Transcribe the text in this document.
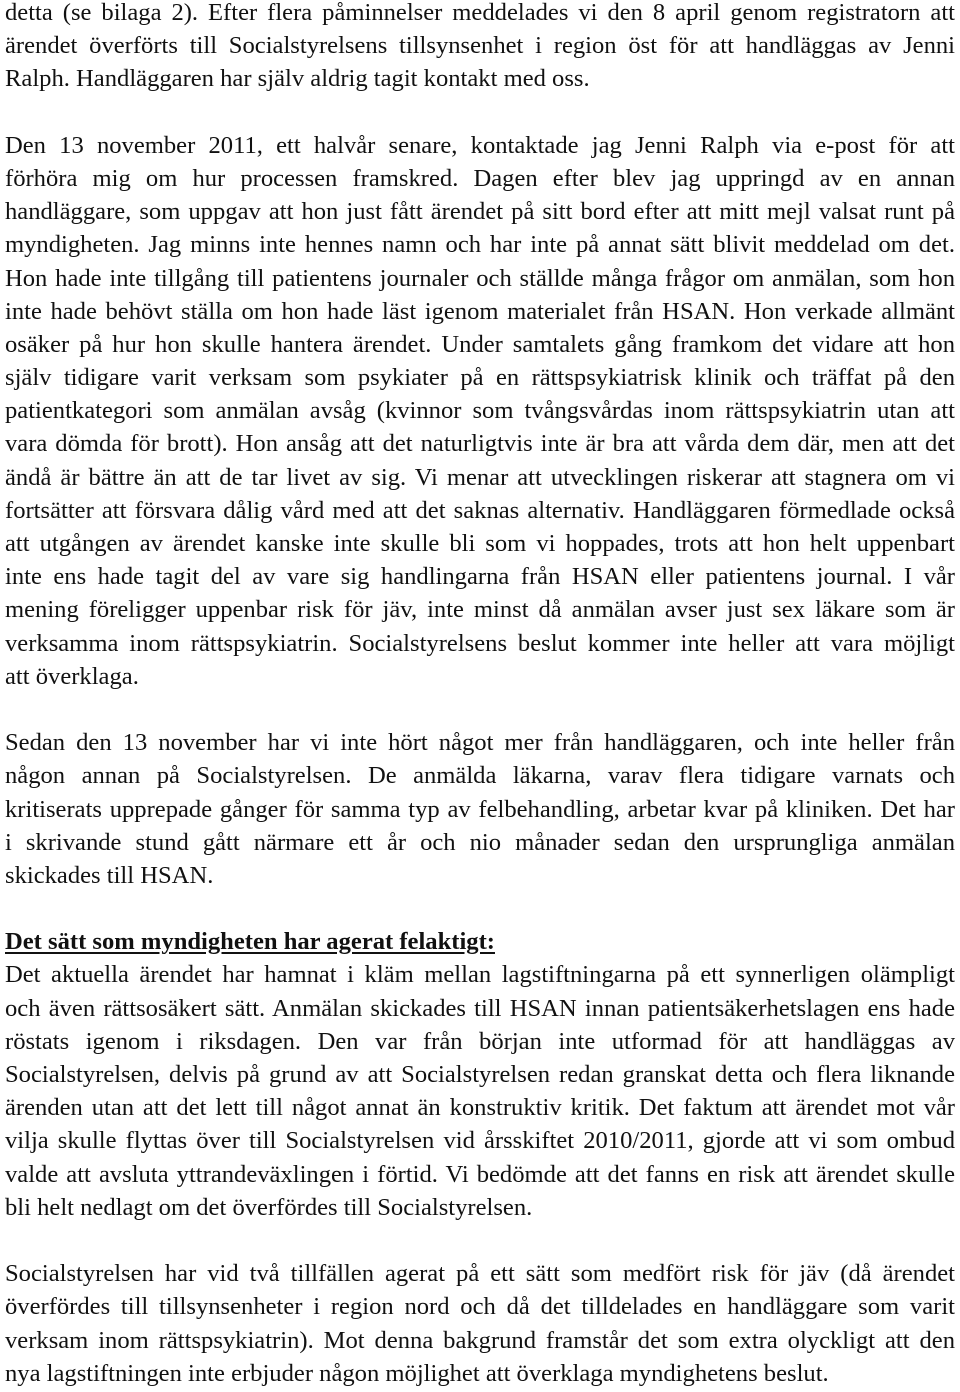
detta (se bilaga 2). Efter flera påminnelser meddelades vi den 8 april genom registratorn att
ärendet överförts till Socialstyrelsens tillsynsenhet i region öst för att handläggas av Jenni
Ralph. Handläggaren har själv aldrig tagit kontakt med oss.
Den 13 november 2011, ett halvår senare, kontaktade jag Jenni Ralph via e-post för att
förhöra mig om hur processen framskred. Dagen efter blev jag uppringd av en annan
handläggare, som uppgav att hon just fått ärendet på sitt bord efter att mitt mejl valsat runt på
myndigheten. Jag minns inte hennes namn och har inte på annat sätt blivit meddelad om det.
Hon hade inte tillgång till patientens journaler och ställde många frågor om anmälan, som hon
inte hade behövt ställa om hon hade läst igenom materialet från HSAN. Hon verkade allmänt
osäker på hur hon skulle hantera ärendet. Under samtalets gång framkom det vidare att hon
själv tidigare varit verksam som psykiater på en rättspsykiatrisk klinik och träffat på den
patientkategori som anmälan avsåg (kvinnor som tvångsvårdas inom rättspsykiatrin utan att
vara dömda för brott). Hon ansåg att det naturligtvis inte är bra att vårda dem där, men att det
ändå är bättre än att de tar livet av sig. Vi menar att utvecklingen riskerar att stagnera om vi
fortsätter att försvara dålig vård med att det saknas alternativ. Handläggaren förmedlade också
att utgången av ärendet kanske inte skulle bli som vi hoppades, trots att hon helt uppenbart
inte ens hade tagit del av vare sig handlingarna från HSAN eller patientens journal. I vår
mening föreligger uppenbar risk för jäv, inte minst då anmälan avser just sex läkare som är
verksamma inom rättspsykiatrin. Socialstyrelsens beslut kommer inte heller att vara möjligt
att överklaga.
Sedan den 13 november har vi inte hört något mer från handläggaren, och inte heller från
någon annan på Socialstyrelsen. De anmälda läkarna, varav flera tidigare varnats och
kritiserats upprepade gånger för samma typ av felbehandling, arbetar kvar på kliniken. Det har
i skrivande stund gått närmare ett år och nio månader sedan den ursprungliga anmälan
skickades till HSAN.
Det sätt som myndigheten har agerat felaktigt:
Det aktuella ärendet har hamnat i kläm mellan lagstiftningarna på ett synnerligen olämpligt
och även rättsosäkert sätt. Anmälan skickades till HSAN innan patientsäkerhetslagen ens hade
röstats igenom i riksdagen. Den var från början inte utformad för att handläggas av
Socialstyrelsen, delvis på grund av att Socialstyrelsen redan granskat detta och flera liknande
ärenden utan att det lett till något annat än konstruktiv kritik. Det faktum att ärendet mot vår
vilja skulle flyttas över till Socialstyrelsen vid årsskiftet 2010/2011, gjorde att vi som ombud
valde att avsluta yttrandeväxlingen i förtid. Vi bedömde att det fanns en risk att ärendet skulle
bli helt nedlagt om det överfördes till Socialstyrelsen.
Socialstyrelsen har vid två tillfällen agerat på ett sätt som medfört risk för jäv (då ärendet
överfördes till tillsynsenheter i region nord och då det tilldelades en handläggare som varit
verksam inom rättspsykiatrin). Mot denna bakgrund framstår det som extra olyckligt att den
nya lagstiftningen inte erbjuder någon möjlighet att överklaga myndighetens beslut.
